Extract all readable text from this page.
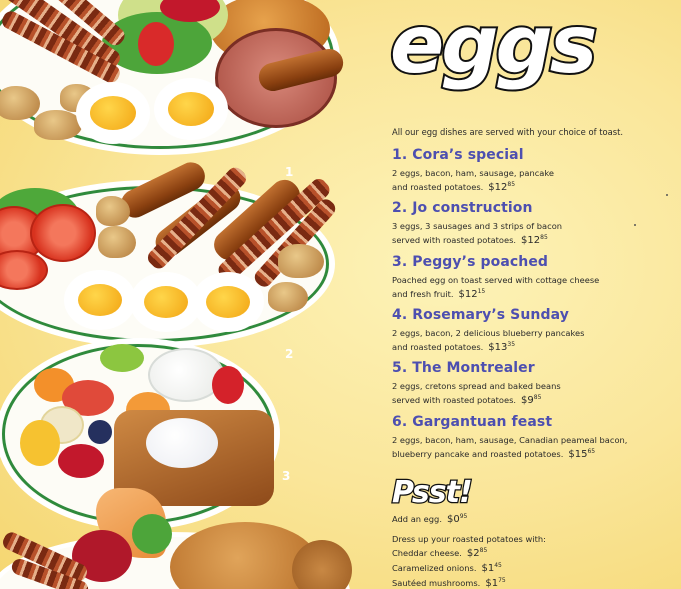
1
2
3
eggs
All our egg dishes are served with your choice of toast.
1. Cora’s special
2 eggs, bacon, ham, sausage, pancake
and roasted potatoes. $\$12^{85}$
2. Jo construction
3 eggs, 3 sausages and 3 strips of bacon
served with roasted potatoes. $\$12^{85}$
3. Peggy’s poached
Poached egg on toast served with cottage cheese
and fresh fruit. $\$12^{15}$
4. Rosemary’s Sunday
2 eggs, bacon, 2 delicious blueberry pancakes
and roasted potatoes. $\$13^{35}$
5. The Montrealer
2 eggs, cretons spread and baked beans
served with roasted potatoes. $\$9^{85}$
6. Gargantuan feast
2 eggs, bacon, ham, sausage, Canadian peameal bacon,
blueberry pancake and roasted potatoes. $\$15^{65}$
Psst!
Add an egg. $\$0^{95}$
Dress up your roasted potatoes with:
Cheddar cheese. $\$2^{85}$
Caramelized onions. $\$1^{45}$
Sautéed mushrooms. $\$1^{75}$
